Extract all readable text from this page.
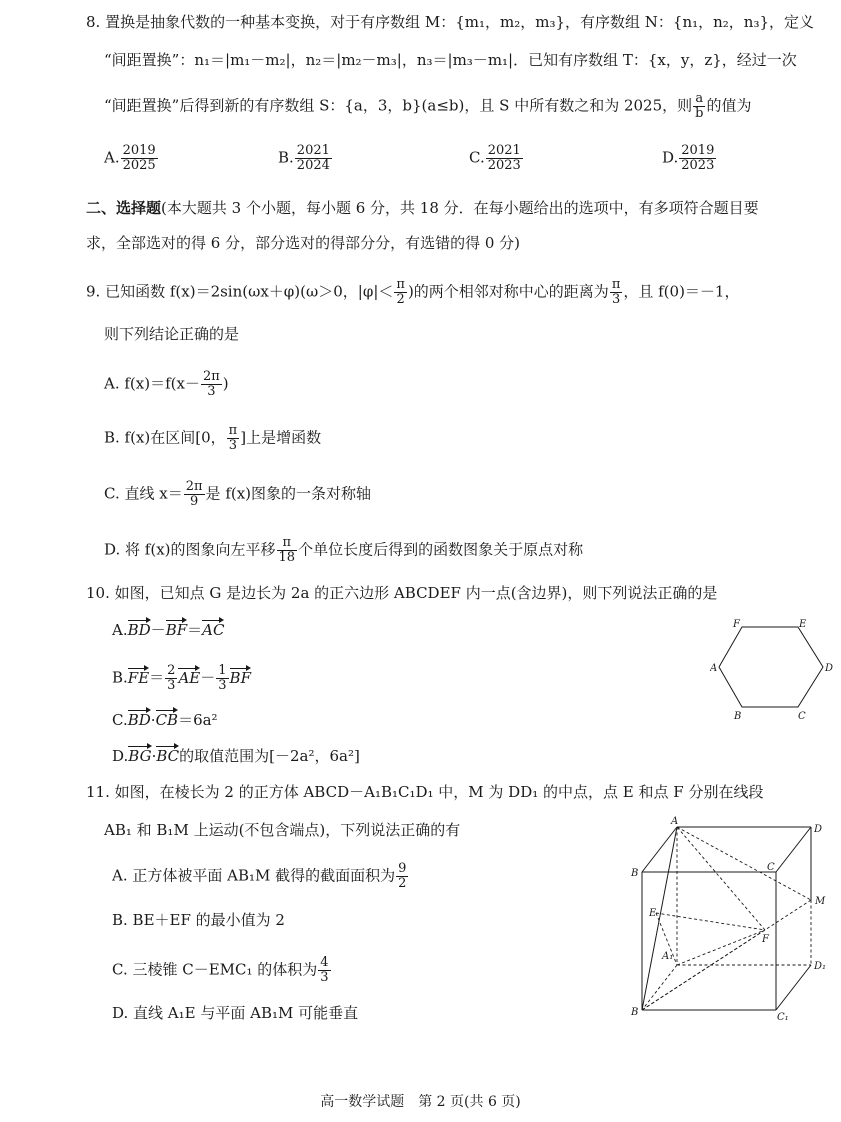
8. 置换是抽象代数的一种基本变换，对于有序数组 M：{m₁，m₂，m₃}，有序数组 N：{n₁，n₂，n₃}，定义
“间距置换”：n₁＝|m₁－m₂|，n₂＝|m₂－m₃|，n₃＝|m₃－m₁|．已知有序数组 T：{x，y，z}，经过一次
“间距置换”后得到新的有序数组 S：{a，3，b}(a≤b)，且 S 中所有数之和为 2025，则 $\frac{a}{b}$ 的值为
A. $\frac{2019}{2025}$	B. $\frac{2021}{2024}$	C. $\frac{2021}{2023}$	D. $\frac{2019}{2023}$
二、选择题(本大题共 3 个小题，每小题 6 分，共 18 分．在每小题给出的选项中，有多项符合题目要
求，全部选对的得 6 分，部分选对的得部分分，有选错的得 0 分)
9. 已知函数 f(x)＝2sin(ωx＋φ)(ω＞0，$|\varphi|< \frac{\pi}{2}$ )的两个相邻对称中心的距离为 $\frac{\pi}{3}$ ，且 f(0)＝－1，
则下列结论正确的是
A. $f(x)=f(x- \frac{2\pi}{3}$ )
B. f(x)在区间[0， $\frac{\pi}{3}$ ]上是增函数
C. 直线 $x= \frac{2\pi}{9}$ 是 f(x)图象的一条对称轴
D. 将 f(x)的图象向左平移 $\frac{\pi}{18}$ 个单位长度后得到的函数图象关于原点对称
10. 如图，已知点 G 是边长为 2a 的正六边形 ABCDEF 内一点(含边界)，则下列说法正确的是
A.BD－BF＝AC
$B.FE= \frac{2}{3} AE- \frac{1}{3}$ BF
C.BD·CB＝6a²
D.BG·BC的取值范围为[－2a²，6a²]
F	E
A	D
B	C
11. 如图，在棱长为 2 的正方体 ABCD－A₁B₁C₁D₁ 中，M 为 DD₁ 的中点，点 E 和点 F 分别在线段
AB₁ 和 B₁M 上运动(不包含端点)，下列说法正确的有
A. 正方体被平面 AB₁M 截得的截面面积为 $\frac{9}{2}$
B. BE＋EF 的最小值为 2
C. 三棱锥 C－EMC₁ 的体积为 $\frac{4}{3}$
D. 直线 A₁E 与平面 AB₁M 可能垂直
A
D
B
C
M
E
F
A₁
D₁
B	C₁
高一数学试题　第 2 页(共 6 页)
